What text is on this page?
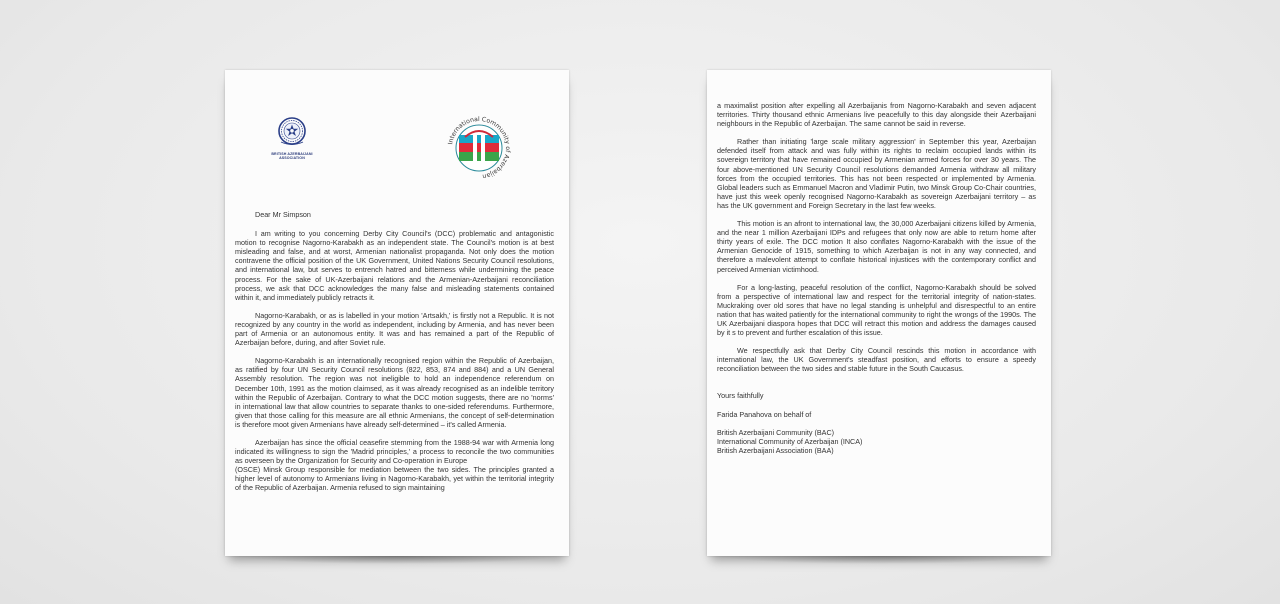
BRITISH AZERBAIJANI ASSOCIATION
International Community of Azerbaijan
Dear Mr Simpson

I am writing to you concerning Derby City Council's (DCC) problematic and antagonistic motion to recognise Nagorno-Karabakh as an independent state. The Council's motion is at best misleading and false, and at worst, Armenian nationalist propaganda. Not only does the motion contravene the official position of the UK Government, United Nations Security Council resolutions, and international law, but serves to entrench hatred and bitterness while undermining the peace process. For the sake of UK-Azerbaijani relations and the Armenian-Azerbaijani reconciliation process, we ask that DCC acknowledges the many false and misleading statements contained within it, and immediately publicly retracts it.

Nagorno-Karabakh, or as is labelled in your motion 'Artsakh,' is firstly not a Republic. It is not recognized by any country in the world as independent, including by Armenia, and has never been part of Armenia or an autonomous entity. It was and has remained a part of the Republic of Azerbaijan before, during, and after Soviet rule.

Nagorno-Karabakh is an internationally recognised region within the Republic of Azerbaijan, as ratified by four UN Security Council resolutions (822, 853, 874 and 884) and a UN General Assembly resolution. The region was not ineligible to hold an independence referendum on December 10th, 1991 as the motion claimsed, as it was already recognised as an indelible territory within the Republic of Azerbaijan. Contrary to what the DCC motion suggests, there are no 'norms' in international law that allow countries to separate thanks to one-sided referendums. Furthermore, given that those calling for this measure are all ethnic Armenians, the concept of self-determination is therefore moot given Armenians have already self-determined – it's called Armenia.

Azerbaijan has since the official ceasefire stemming from the 1988-94 war with Armenia long indicated its willingness to sign the 'Madrid principles,' a process to reconcile the two communities as overseen by the Organization for Security and Co-operation in Europe

(OSCE) Minsk Group responsible for mediation between the two sides. The principles granted a higher level of autonomy to Armenians living in Nagorno-Karabakh, yet within the territorial integrity of the Republic of Azerbaijan. Armenia refused to sign maintaining

a maximalist position after expelling all Azerbaijanis from Nagorno-Karabakh and seven adjacent territories. Thirty thousand ethnic Armenians live peacefully to this day alongside their Azerbaijani neighbours in the Republic of Azerbaijan. The same cannot be said in reverse.

Rather than initiating 'large scale military aggression' in September this year, Azerbaijan defended itself from attack and was fully within its rights to reclaim occupied lands within its sovereign territory that have remained occupied by Armenian armed forces for over 30 years. The four above-mentioned UN Security Council resolutions demanded Armenia withdraw all military forces from the occupied territories. This has not been respected or implemented by Armenia. Global leaders such as Emmanuel Macron and Vladimir Putin, two Minsk Group Co-Chair countries, have just this week openly recognised Nagorno-Karabakh as sovereign Azerbaijani territory – as has the UK government and Foreign Secretary in the last few weeks.

This motion is an afront to international law, the 30,000 Azerbaijani citizens killed by Armenia, and the near 1 million Azerbaijani IDPs and refugees that only now are able to return home after thirty years of exile. The DCC motion It also conflates Nagorno-Karabakh with the issue of the Armenian Genocide of 1915, something to which Azerbaijan is not in any way connected, and therefore a malevolent attempt to conflate historical injustices with the contemporary conflict and perceived Armenian victimhood.

For a long-lasting, peaceful resolution of the conflict, Nagorno-Karabakh should be solved from a perspective of international law and respect for the territorial integrity of nation-states. Muckraking over old sores that have no legal standing is unhelpful and disrespectful to an entire nation that has waited patiently for the international community to right the wrongs of the 1990s. The UK Azerbaijani diaspora hopes that DCC will retract this motion and address the damages caused by it s to prevent and further escalation of this issue.

We respectfully ask that Derby City Council rescinds this motion in accordance with international law, the UK Government's steadfast position, and efforts to ensure a speedy reconciliation between the two sides and stable future in the South Caucasus.

Yours faithfully

Farida Panahova on behalf of

British Azerbaijani Community (BAC)

International Community of Azerbaijan (INCA)

British Azerbaijani Association (BAA)
